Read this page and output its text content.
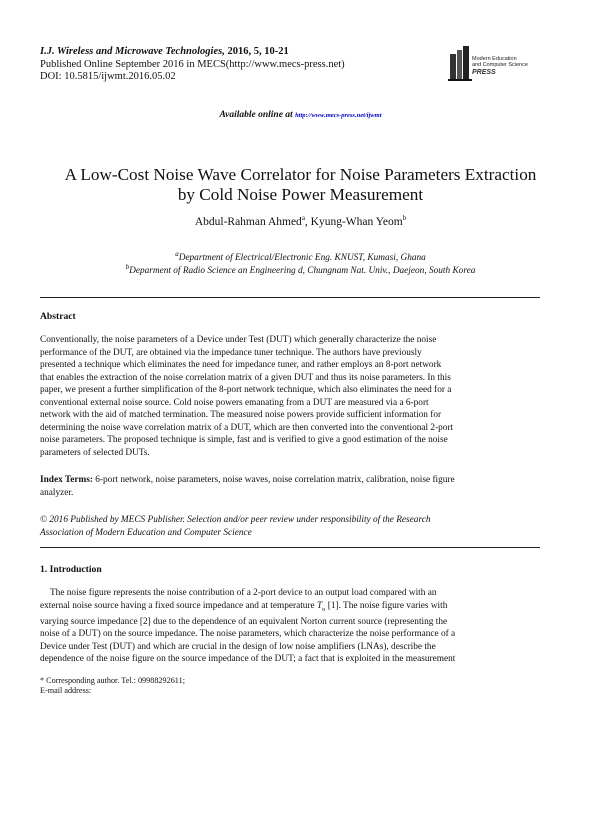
I.J. Wireless and Microwave Technologies, 2016, 5, 10-21
Published Online September 2016 in MECS(http://www.mecs-press.net)
DOI: 10.5815/ijwmt.2016.05.02
Modern Education
and Computer Science
PRESS
Available online at http://www.mecs-press.net/ijwmt
A Low-Cost Noise Wave Correlator for Noise Parameters Extraction
by Cold Noise Power Measurement
Abdul-Rahman Ahmed$^a$, Kyung-Whan Yeom$^b$
$^a$Department of Electrical/Electronic Eng. KNUST, Kumasi, Ghana
$^b$Deparment of Radio Science an Engineering d, Chungnam Nat. Univ., Daejeon, South Korea
Abstract
Conventionally, the noise parameters of a Device under Test (DUT) which generally characterize the noise
performance of the DUT, are obtained via the impedance tuner technique. The authors have previously
presented a technique which eliminates the need for impedance tuner, and rather employs an 8-port network
that enables the extraction of the noise correlation matrix of a given DUT and thus its noise parameters. In this
paper, we present a further simplification of the 8-port network technique, which also eliminates the need for a
conventional external noise source. Cold noise powers emanating from a DUT are measured via a 6-port
network with the aid of matched termination. The measured noise powers provide sufficient information for
determining the noise wave correlation matrix of a DUT, which are then converted into the conventional 2-port
noise parameters. The proposed technique is simple, fast and is verified to give a good estimation of the noise
parameters of selected DUTs.
Index Terms: 6-port network, noise parameters, noise waves, noise correlation matrix, calibration, noise figure
analyzer.
© 2016 Published by MECS Publisher. Selection and/or peer review under responsibility of the Research
Association of Modern Education and Computer Science
1. Introduction
The noise figure represents the noise contribution of a 2-port device to an output load compared with an
external noise source having a fixed source impedance and at temperature $T_o$ [1]. The noise figure varies with
varying source impedance [2] due to the dependence of an equivalent Norton current source (representing the
noise of a DUT) on the source impedance. The noise parameters, which characterize the noise performance of a
Device under Test (DUT) and which are crucial in the design of low noise amplifiers (LNAs), describe the
dependence of the noise figure on the source impedance of the DUT; a fact that is exploited in the measurement
* Corresponding author. Tel.: 09988292611;
E-mail address:
